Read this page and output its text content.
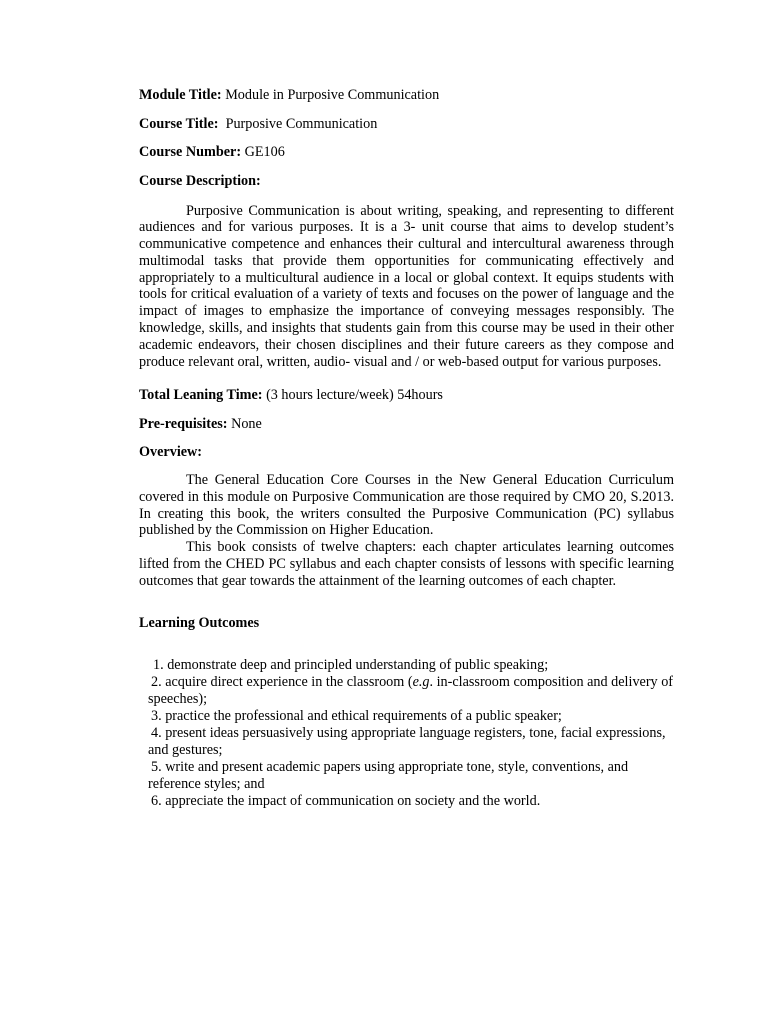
Module Title: Module in Purposive Communication

Course Title: Purposive Communication

Course Number: GE106

Course Description:

Purposive Communication is about writing, speaking, and representing to different audiences and for various purposes. It is a 3- unit course that aims to develop student’s communicative competence and enhances their cultural and intercultural awareness through multimodal tasks that provide them opportunities for communicating effectively and appropriately to a multicultural audience in a local or global context. It equips students with tools for critical evaluation of a variety of texts and focuses on the power of language and the impact of images to emphasize the importance of conveying messages responsibly. The knowledge, skills, and insights that students gain from this course may be used in their other academic endeavors, their chosen disciplines and their future careers as they compose and produce relevant oral, written, audio- visual and / or web-based output for various purposes.

Total Leaning Time: (3 hours lecture/week) 54hours

Pre-requisites: None

Overview:

The General Education Core Courses in the New General Education Curriculum covered in this module on Purposive Communication are those required by CMO 20, S.2013. In creating this book, the writers consulted the Purposive Communication (PC) syllabus published by the Commission on Higher Education.

This book consists of twelve chapters: each chapter articulates learning outcomes lifted from the CHED PC syllabus and each chapter consists of lessons with specific learning outcomes that gear towards the attainment of the learning outcomes of each chapter.

Learning Outcomes

1. demonstrate deep and principled understanding of public speaking;
2. acquire direct experience in the classroom (e.g. in-classroom composition and delivery of speeches);
3. practice the professional and ethical requirements of a public speaker;
4. present ideas persuasively using appropriate language registers, tone, facial expressions, and gestures;
5. write and present academic papers using appropriate tone, style, conventions, and reference styles; and
6. appreciate the impact of communication on society and the world.
